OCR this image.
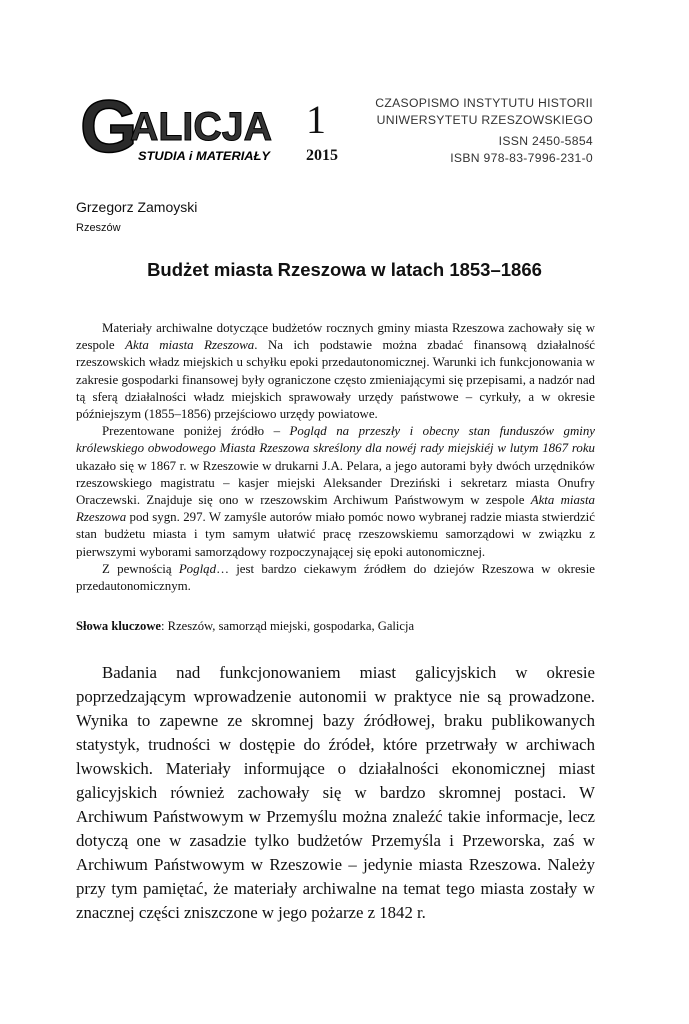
G
ALICJA
STUDIA i MATERIAŁY
1
2015
CZASOPISMO INSTYTUTU HISTORII
UNIWERSYTETU RZESZOWSKIEGO
ISSN 2450-5854
ISBN 978-83-7996-231-0
Grzegorz Zamoyski
Rzeszów
Budżet miasta Rzeszowa w latach 1853–1866

Materiały archiwalne dotyczące budżetów rocznych gminy miasta Rzeszowa zachowały się w zespole Akta miasta Rzeszowa. Na ich podstawie można zbadać finansową działalność rzeszowskich władz miejskich u schyłku epoki przedautonomicznej. Warunki ich funkcjonowania w zakresie gospodarki finansowej były ograniczone często zmieniającymi się przepisami, a nadzór nad tą sferą działalności władz miejskich sprawowały urzędy państwowe – cyrkuły, a w okresie późniejszym (1855–1856) przejściowo urzędy powiatowe.

Prezentowane poniżej źródło – Pogląd na przeszły i obecny stan funduszów gminy królewskiego obwodowego Miasta Rzeszowa skreślony dla nowéj rady miejskiéj w lutym 1867 roku ukazało się w 1867 r. w Rzeszowie w drukarni J.A. Pelara, a jego autorami były dwóch urzędników rzeszowskiego magistratu – kasjer miejski Aleksander Dreziński i sekretarz miasta Onufry Oraczewski. Znajduje się ono w rzeszowskim Archiwum Państwowym w zespole Akta miasta Rzeszowa pod sygn. 297. W zamyśle autorów miało pomóc nowo wybranej radzie miasta stwierdzić stan budżetu miasta i tym samym ułatwić pracę rzeszowskiemu samorządowi w związku z pierwszymi wyborami samorządowy rozpoczynającej się epoki autonomicznej.

Z pewnością Pogląd… jest bardzo ciekawym źródłem do dziejów Rzeszowa w okresie przedautonomicznym.

Słowa kluczowe: Rzeszów, samorząd miejski, gospodarka, Galicja

Badania nad funkcjonowaniem miast galicyjskich w okresie poprzedzającym wprowadzenie autonomii w praktyce nie są prowadzone. Wynika to zapewne ze skromnej bazy źródłowej, braku publikowanych statystyk, trudności w dostępie do źródeł, które przetrwały w archiwach lwowskich. Materiały informujące o działalności ekonomicznej miast galicyjskich również zachowały się w bardzo skromnej postaci. W Archiwum Państwowym w Przemyślu można znaleźć takie informacje, lecz dotyczą one w zasadzie tylko budżetów Przemyśla i Przeworska, zaś w Archiwum Państwowym w Rzeszowie – jedynie miasta Rzeszowa. Należy przy tym pamiętać, że materiały archiwalne na temat tego miasta zostały w znacznej części zniszczone w jego pożarze z 1842 r.
